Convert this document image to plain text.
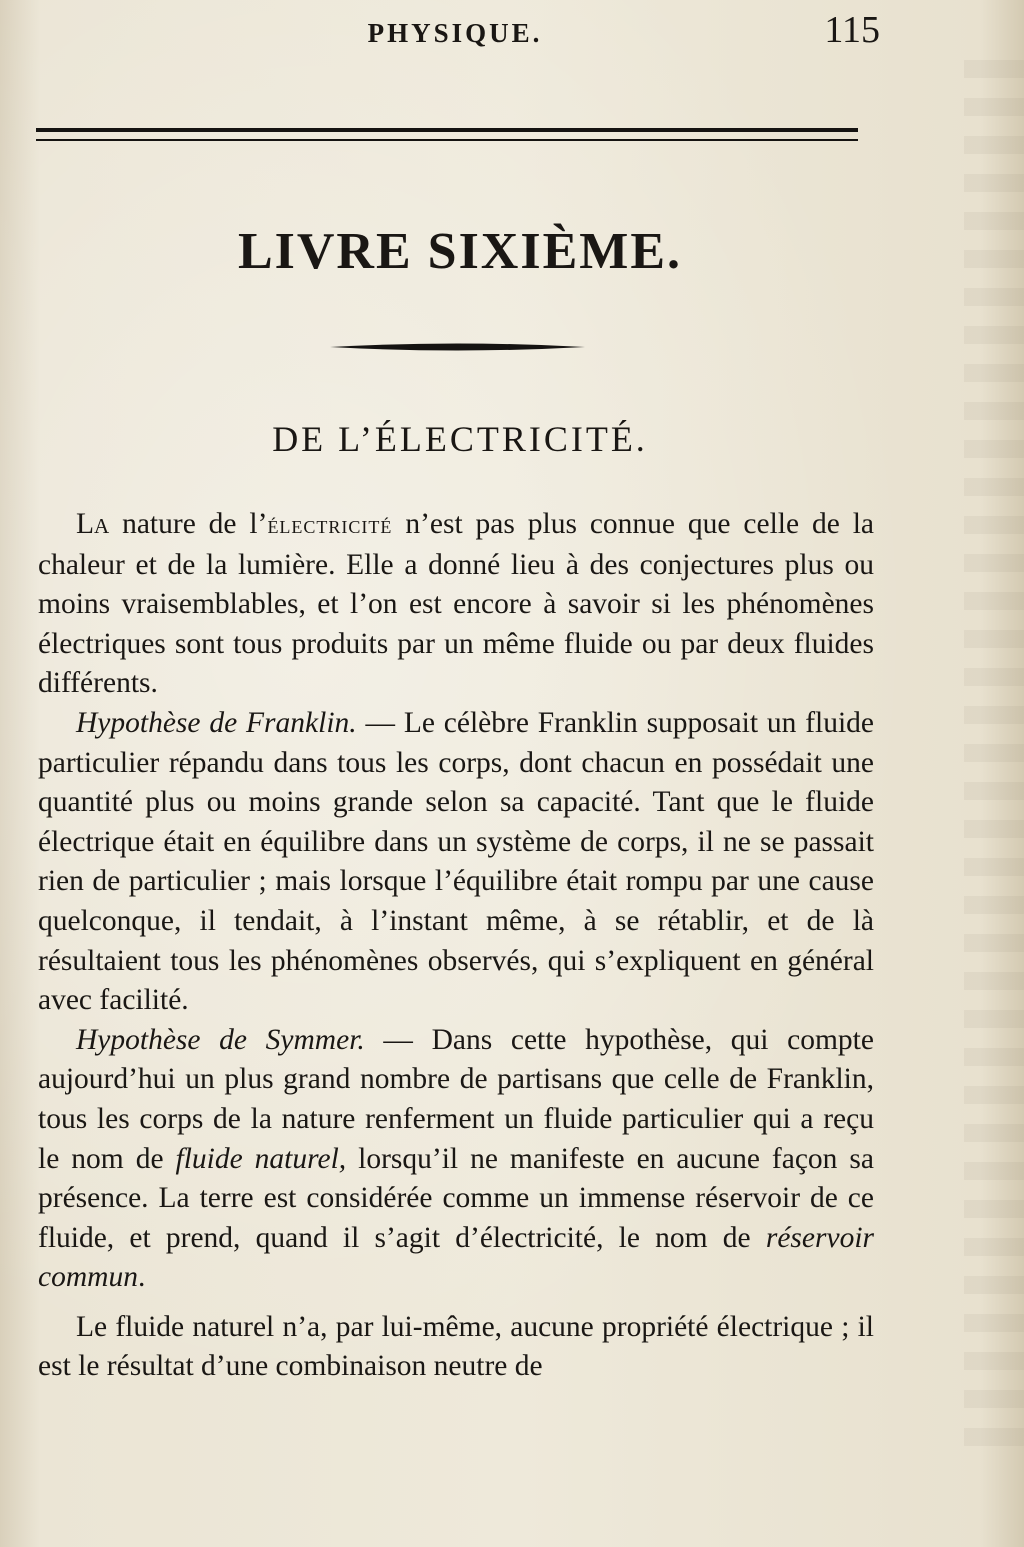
PHYSIQUE.	115
LIVRE SIXIÈME.
DE L’ÉLECTRICITÉ.

La nature de l’électricité n’est pas plus connue que celle de la chaleur et de la lumière. Elle a donné lieu à des conjectures plus ou moins vraisemblables, et l’on est encore à savoir si les phénomènes électriques sont tous produits par un même fluide ou par deux fluides différents.

Hypothèse de Franklin. — Le célèbre Franklin supposait un fluide particulier répandu dans tous les corps, dont chacun en possédait une quantité plus ou moins grande selon sa capacité. Tant que le fluide électrique était en équilibre dans un système de corps, il ne se passait rien de particulier ; mais lorsque l’équilibre était rompu par une cause quelconque, il tendait, à l’instant même, à se rétablir, et de là résultaient tous les phénomènes observés, qui s’expliquent en général avec facilité.

Hypothèse de Symmer. — Dans cette hypothèse, qui compte aujourd’hui un plus grand nombre de partisans que celle de Franklin, tous les corps de la nature renferment un fluide particulier qui a reçu le nom de fluide naturel, lorsqu’il ne manifeste en aucune façon sa présence. La terre est considérée comme un immense réservoir de ce fluide, et prend, quand il s’agit d’électricité, le nom de réservoir commun.

Le fluide naturel n’a, par lui-même, aucune propriété électrique ; il est le résultat d’une combinaison neutre de
